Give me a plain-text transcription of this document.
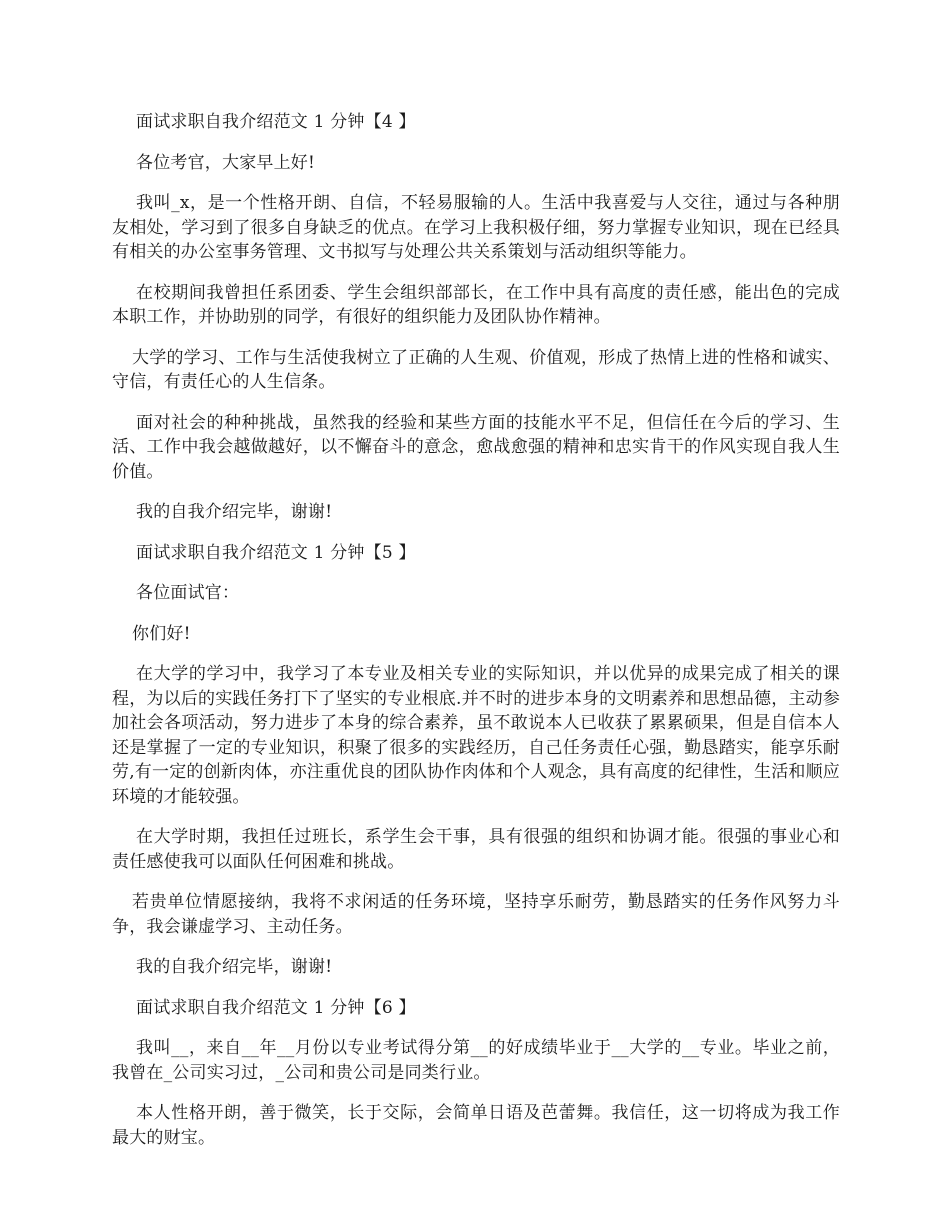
面试求职自我介绍范文 1 分钟【4 】

各位考官，大家早上好!

我叫_x，是一个性格开朗、自信，不轻易服输的人。生活中我喜爱与人交往，通过与各种朋友相处，学习到了很多自身缺乏的优点。在学习上我积极仔细，努力掌握专业知识，现在已经具有相关的办公室事务管理、文书拟写与处理公共关系策划与活动组织等能力。

在校期间我曾担任系团委、学生会组织部部长，在工作中具有高度的责任感，能出色的完成本职工作，并协助别的同学，有很好的组织能力及团队协作精神。

大学的学习、工作与生活使我树立了正确的人生观、价值观，形成了热情上进的性格和诚实、守信，有责任心的人生信条。

面对社会的种种挑战，虽然我的经验和某些方面的技能水平不足，但信任在今后的学习、生活、工作中我会越做越好，以不懈奋斗的意念，愈战愈强的精神和忠实肯干的作风实现自我人生价值。

我的自我介绍完毕，谢谢!

面试求职自我介绍范文 1 分钟【5 】

各位面试官：

你们好!

在大学的学习中，我学习了本专业及相关专业的实际知识，并以优异的成果完成了相关的课程，为以后的实践任务打下了坚实的专业根底.并不时的进步本身的文明素养和思想品德，主动参加社会各项活动，努力进步了本身的综合素养，虽不敢说本人已收获了累累硕果，但是自信本人还是掌握了一定的专业知识，积聚了很多的实践经历，自己任务责任心强，勤恳踏实，能享乐耐劳,有一定的创新肉体，亦注重优良的团队协作肉体和个人观念，具有高度的纪律性，生活和顺应环境的才能较强。

在大学时期，我担任过班长，系学生会干事，具有很强的组织和协调才能。很强的事业心和责任感使我可以面队任何困难和挑战。

若贵单位情愿接纳，我将不求闲适的任务环境，坚持享乐耐劳，勤恳踏实的任务作风努力斗争，我会谦虚学习、主动任务。

我的自我介绍完毕，谢谢!

面试求职自我介绍范文 1 分钟【6 】

我叫__，来自__年__月份以专业考试得分第__的好成绩毕业于__大学的__专业。毕业之前，我曾在_公司实习过，_公司和贵公司是同类行业。

本人性格开朗，善于微笑，长于交际，会简单日语及芭蕾舞。我信任，这一切将成为我工作最大的财宝。
